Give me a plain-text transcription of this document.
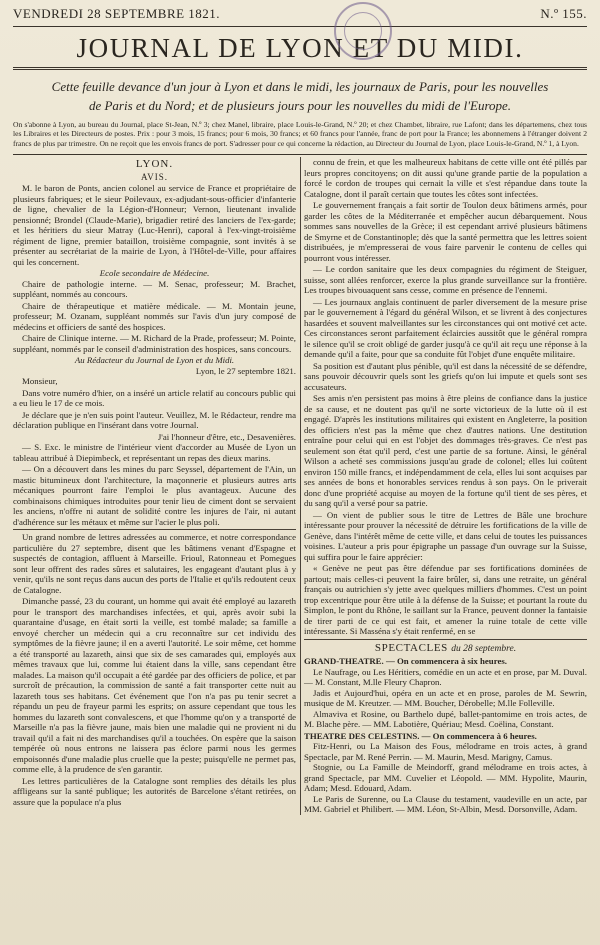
VENDREDI 28 SEPTEMBRE 1821.	N.º 155.
JOURNAL DE LYON ET DU MIDI.
Cette feuille devance d'un jour à Lyon et dans le midi, les journaux de Paris, pour les nouvelles
de Paris et du Nord; et de plusieurs jours pour les nouvelles du midi de l'Europe.
On s'abonne à Lyon, au bureau du Journal, place St-Jean, N.º 3; chez Manel, libraire, place Louis-le-Grand, N.º 20; et chez Chambet, libraire, rue Lafont; dans les départemens, chez tous les Libraires et les Directeurs de postes. Prix : pour 3 mois, 15 francs; pour 6 mois, 30 francs; et 60 francs pour l'année, franc de port pour la France; les abonnemens à l'étranger doivent 2 francs de plus par trimestre. On ne reçoit que les envois francs de port. S'adresser pour ce qui concerne la rédaction, au Directeur du Journal de Lyon, place Louis-le-Grand, N.º 1, à Lyon.
LYON.
AVIS.

M. le baron de Ponts, ancien colonel au service de France et propriétaire de plusieurs fabriques; et le sieur Poilevaux, ex-adjudant-sous-officier d'infanterie de ligne, chevalier de la Légion-d'Honneur; Vernon, lieutenant invalide pensionné; Brondel (Claude-Marie), brigadier retiré des lanciers de l'ex-garde; et les héritiers du sieur Matray (Luc-Henri), caporal à l'ex-vingt-troisième régiment de ligne, premier bataillon, troisième compagnie, sont invités à se présenter au secrétariat de la mairie de Lyon, à l'Hôtel-de-Ville, pour affaires qui les concernent.

Ecole secondaire de Médecine.

Chaire de pathologie interne. — M. Senac, professeur; M. Brachet, suppléant, nommés au concours.

Chaire de thérapeutique et matière médicale. — M. Montain jeune, professeur; M. Ozanam, suppléant nommés sur l'avis d'un jury composé de médecins et officiers de santé des hospices.

Chaire de Clinique interne. — M. Richard de la Prade, professeur; M. Pointe, suppléant, nommés par le conseil d'administration des hospices, sans concours.

Au Rédacteur du Journal de Lyon et du Midi.
Lyon, le 27 septembre 1821.

Monsieur,

Dans votre numéro d'hier, on a inséré un article relatif au concours public qui a eu lieu le 17 de ce mois.

Je déclare que je n'en suis point l'auteur. Veuillez, M. le Rédacteur, rendre ma déclaration publique en l'insérant dans votre Journal.

J'ai l'honneur d'être, etc., Desavenières.

— S. Exc. le ministre de l'intérieur vient d'accorder au Musée de Lyon un tableau attribué à Diepimbeck, et représentant un repas des dieux marins.

— On a découvert dans les mines du parc Seyssel, département de l'Ain, un mastic bitumineux dont l'architecture, la maçonnerie et plusieurs autres arts mécaniques pourront faire l'emploi le plus avantageux. Aucune des combinaisons chimiques introduites pour tenir lieu de ciment dont se servaient les anciens, n'offre ni autant de solidité contre les injures de l'air, ni autant d'adhérence sur les métaux et même sur l'acier le plus poli.

Un grand nombre de lettres adressées au commerce, et notre correspondance particulière du 27 septembre, disent que les bâtimens venant d'Espagne et suspectés de contagion, affluent à Marseille. Frioul, Ratonneau et Pomegues sont leur offrent des rades sûres et salutaires, les engageant d'autant plus à y venir, qu'ils ne sont reçus dans aucun des ports de l'Italie et qu'ils redoutent ceux de Catalogne.

Dimanche passé, 23 du courant, un homme qui avait été employé au lazareth pour le transport des marchandises infectées, et qui, après avoir subi la quarantaine d'usage, en était sorti la veille, est tombé malade; sa famille a envoyé chercher un médecin qui a cru reconnaître sur cet individu des symptômes de la fièvre jaune; il en a averti l'autorité. Le soir même, cet homme a été transporté au lazareth, ainsi que six de ses camarades qui, employés aux mêmes travaux que lui, comme lui étaient dans la ville, sans cependant être malades. La maison qu'il occupait a été gardée par des officiers de police, et par surcroît de précaution, la commission de santé a fait transporter cette nuit au lazareth tous ses habitans. Cet événement que l'on n'a pas pu tenir secret a répandu un peu de frayeur parmi les esprits; on assure cependant que tous les hommes du lazareth sont convalescens, et que l'homme qu'on y a transporté de Marseille n'a pas la fièvre jaune, mais bien une maladie qui ne provient ni du travail qu'il a fait ni des marchandises qu'il a touchées. On espère que la saison tempérée où nous entrons ne laissera pas éclore parmi nous les germes empoisonnés d'une maladie plus cruelle que la peste; puisqu'elle ne permet pas, comme elle, à la prudence de s'en garantir.

Les lettres particulières de la Catalogne sont remplies des détails les plus affligeans sur la santé publique; les autorités de Barcelone s'étant retirées, on assure que la populace n'a plus

connu de frein, et que les malheureux habitans de cette ville ont été pillés par leurs propres concitoyens; on dit aussi qu'une grande partie de la population a forcé le cordon de troupes qui cernait la ville et s'est répandue dans toute la Catalogne, dont il paraît certain que toutes les côtes sont infectées.

Le gouvernement français a fait sortir de Toulon deux bâtimens armés, pour garder les côtes de la Méditerranée et empêcher aucun débarquement. Nous sommes sans nouvelles de la Grèce; il est cependant arrivé plusieurs bâtimens de Smyrne et de Constantinople; dès que la santé permettra que les lettres soient distribuées, je m'empresserai de vous faire parvenir le contenu de celles qui pourront vous intéresser.

— Le cordon sanitaire que les deux compagnies du régiment de Steiguer, suisse, sont allées renforcer, exerce la plus grande surveillance sur la frontière. Les troupes bivouaquent sans cesse, comme en présence de l'ennemi.

— Les journaux anglais continuent de parler diversement de la mesure prise par le gouvernement à l'égard du général Wilson, et se livrent à des conjectures hasardées et souvent malveillantes sur les circonstances qui ont motivé cet acte. Ces circonstances seront parfaitement éclaircies aussitôt que le général rompra le silence qu'il se croit obligé de garder jusqu'à ce qu'il ait reçu une réponse à la demande qu'il a faite, pour que sa conduite fût l'objet d'une enquête militaire.

Sa position est d'autant plus pénible, qu'il est dans la nécessité de se défendre, sans pouvoir découvrir quels sont les griefs qu'on lui impute et quels sont ses accusateurs.

Ses amis n'en persistent pas moins à être pleins de confiance dans la justice de sa cause, et ne doutent pas qu'il ne sorte victorieux de la lutte où il est engagé. D'après les institutions militaires qui existent en Angleterre, la position des officiers n'est pas la même que chez d'autres nations. Une destitution entraîne pour celui qui en est l'objet des dommages très-graves. Ce n'est pas seulement son état qu'il perd, c'est une partie de sa fortune. Ainsi, le général Wilson a acheté ses commissions jusqu'au grade de colonel; elles lui coûtent environ 150 mille francs, et indépendamment de cela, elles lui sont acquises par ses années de bons et honorables services rendus à son pays. On le priverait donc d'une propriété acquise au moyen de la fortune qu'il tient de ses pères, et du sang qu'il a versé pour sa patrie.

— On vient de publier sous le titre de Lettres de Bâle une brochure intéressante pour prouver la nécessité de détruire les fortifications de la ville de Genève, dans l'intérêt même de cette ville, et dans celui de toutes les puissances voisines. L'auteur a pris pour épigraphe un passage d'un ouvrage sur la Suisse, qui suffira pour le faire apprécier:

« Genève ne peut pas être défendue par ses fortifications dominées de partout; mais celles-ci peuvent la faire brûler, si, dans une retraite, un général français ou autrichien s'y jette avec quelques milliers d'hommes. C'est un point trop excentrique pour être utile à la défense de la Suisse; et pourtant la route du Simplon, le pont du Rhône, le saillant sur la France, peuvent donner la fantaisie de tirer parti de ce qui est fait, et amener la ruine totale de cette ville intéressante. Si Masséna s'y était renfermé, en se

SPECTACLES du 28 septembre.
GRAND-THEATRE. — On commencera à six heures.

Le Naufrage, ou Les Héritiers, comédie en un acte et en prose, par M. Duval. — M. Constant, M.lle Fleury Chapron.

Jadis et Aujourd'hui, opéra en un acte et en prose, paroles de M. Sewrin, musique de M. Kreutzer. — MM. Boucher, Dérobelle; M.lle Folleville.

Almaviva et Rosine, ou Barthelo dupé, ballet-pantomime en trois actes, de M. Blache père. — MM. Labotière, Quériau; Mesd. Coëlina, Constant.

THEATRE DES CELESTINS. — On commencera à 6 heures.

Fitz-Henri, ou La Maison des Fous, mélodrame en trois actes, à grand Spectacle, par M. René Perrin. — M. Maurin, Mesd. Marigny, Camus.

Stognie, ou La Famille de Meindorff, grand mélodrame en trois actes, à grand Spectacle, par MM. Cuvelier et Léopold. — MM. Hypolite, Maurin, Adam; Mesd. Edouard, Adam.

Le Paris de Surenne, ou La Clause du testament, vaudeville en un acte, par MM. Gabriel et Philibert. — MM. Léon, St-Albin, Mesd. Dorsonville, Adam.
